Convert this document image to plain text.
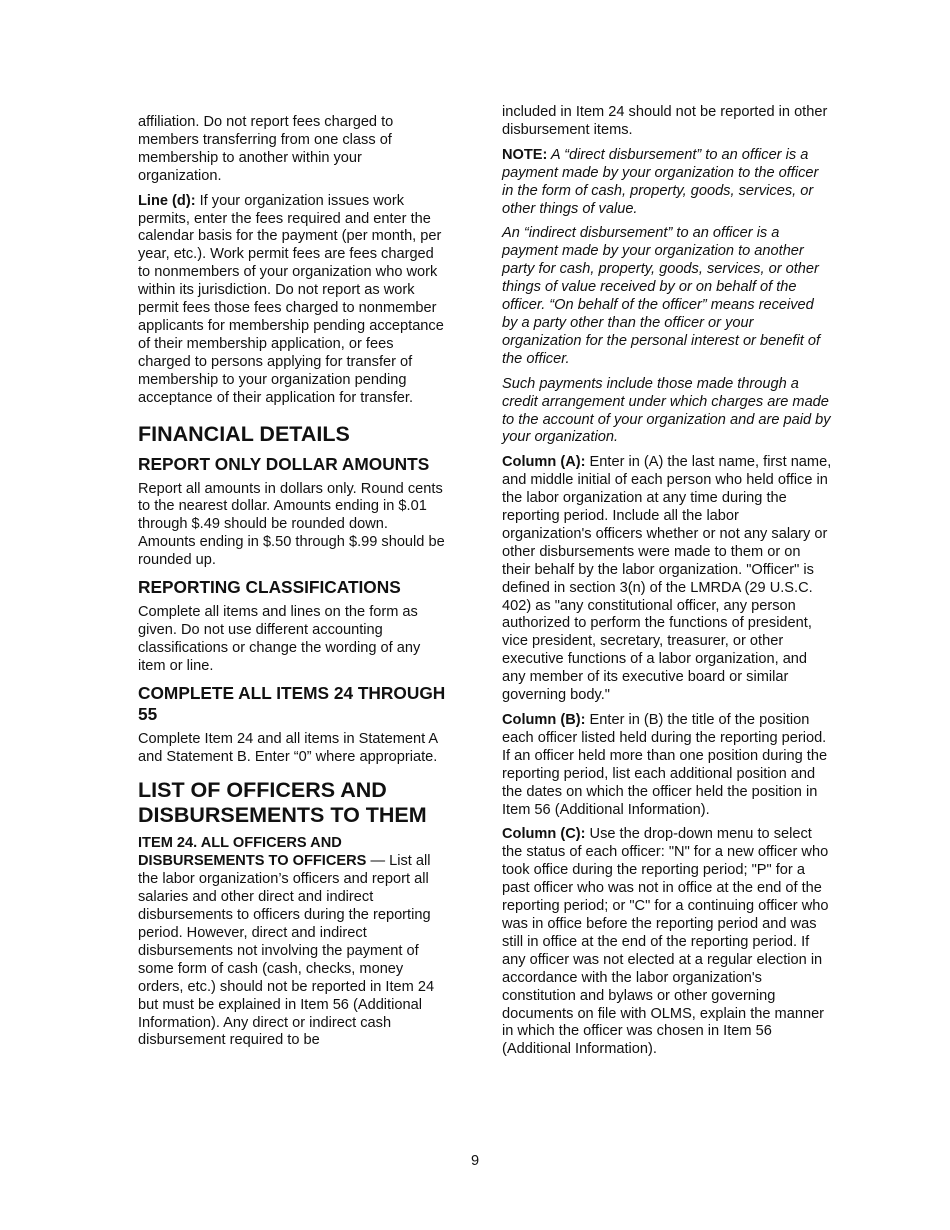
affiliation. Do not report fees charged to members transferring from one class of membership to another within your organization.

Line (d): If your organization issues work permits, enter the fees required and enter the calendar basis for the payment (per month, per year, etc.). Work permit fees are fees charged to nonmembers of your organization who work within its jurisdiction. Do not report as work permit fees those fees charged to nonmember applicants for membership pending acceptance of their membership application, or fees charged to persons applying for transfer of membership to your organization pending acceptance of their application for transfer.

FINANCIAL DETAILS
REPORT ONLY DOLLAR AMOUNTS

Report all amounts in dollars only. Round cents to the nearest dollar. Amounts ending in $.01 through $.49 should be rounded down. Amounts ending in $.50 through $.99 should be rounded up.

REPORTING CLASSIFICATIONS

Complete all items and lines on the form as given. Do not use different accounting classifications or change the wording of any item or line.

COMPLETE ALL ITEMS 24 THROUGH 55

Complete Item 24 and all items in Statement A and Statement B. Enter “0” where appropriate.

LIST OF OFFICERS AND DISBURSEMENTS TO THEM

ITEM 24. ALL OFFICERS AND DISBURSEMENTS TO OFFICERS — List all the labor organization’s officers and report all salaries and other direct and indirect disbursements to officers during the reporting period. However, direct and indirect disbursements not involving the payment of some form of cash (cash, checks, money orders, etc.) should not be reported in Item 24 but must be explained in Item 56 (Additional Information). Any direct or indirect cash disbursement required to be

included in Item 24 should not be reported in other disbursement items.

NOTE: A “direct disbursement” to an officer is a payment made by your organization to the officer in the form of cash, property, goods, services, or other things of value.

An “indirect disbursement” to an officer is a payment made by your organization to another party for cash, property, goods, services, or other things of value received by or on behalf of the officer. “On behalf of the officer” means received by a party other than the officer or your organization for the personal interest or benefit of the officer.

Such payments include those made through a credit arrangement under which charges are made to the account of your organization and are paid by your organization.

Column (A): Enter in (A) the last name, first name, and middle initial of each person who held office in the labor organization at any time during the reporting period. Include all the labor organization's officers whether or not any salary or other disbursements were made to them or on their behalf by the labor organization. "Officer" is defined in section 3(n) of the LMRDA (29 U.S.C. 402) as "any constitutional officer, any person authorized to perform the functions of president, vice president, secretary, treasurer, or other executive functions of a labor organization, and any member of its executive board or similar governing body."

Column (B): Enter in (B) the title of the position each officer listed held during the reporting period. If an officer held more than one position during the reporting period, list each additional position and the dates on which the officer held the position in Item 56 (Additional Information).

Column (C): Use the drop-down menu to select the status of each officer: "N" for a new officer who took office during the reporting period; "P" for a past officer who was not in office at the end of the reporting period; or "C" for a continuing officer who was in office before the reporting period and was still in office at the end of the reporting period. If any officer was not elected at a regular election in accordance with the labor organization's constitution and bylaws or other governing documents on file with OLMS, explain the manner in which the officer was chosen in Item 56 (Additional Information).

9
